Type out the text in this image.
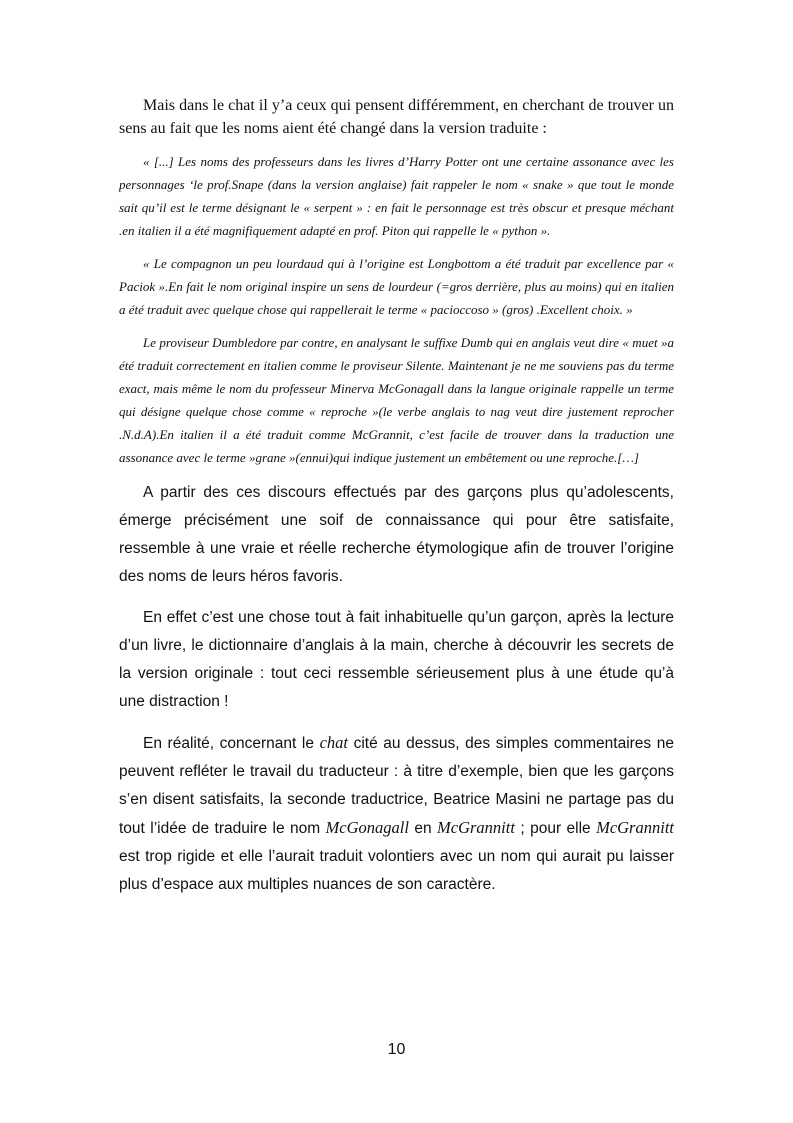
Mais dans le chat il y’a ceux qui pensent différemment, en cherchant de trouver un sens au fait que les noms aient été changé dans la version traduite :

« [...] Les noms des professeurs dans les livres d’Harry Potter ont une certaine assonance avec les personnages ‘le prof.Snape (dans la version anglaise) fait rappeler le nom « snake » que tout le monde sait qu’il est le terme désignant le « serpent » : en fait le personnage est très obscur et presque méchant .en italien il a été magnifiquement adapté en prof. Piton qui rappelle le « python ».

« Le compagnon un peu lourdaud qui à l’origine est Longbottom a été traduit par excellence par « Paciok ».En fait le nom original inspire un sens de lourdeur (=gros derrière, plus au moins) qui en italien a été traduit avec quelque chose qui rappellerait le terme « pacioccoso » (gros) .Excellent choix. »

Le proviseur Dumbledore par contre, en analysant le suffixe Dumb qui en anglais veut dire « muet »a été traduit correctement en italien comme le proviseur Silente. Maintenant je ne me souviens pas du terme exact, mais même le nom du professeur Minerva McGonagall dans la langue originale rappelle un terme qui désigne quelque chose comme « reproche »(le verbe anglais to nag veut dire justement reprocher .N.d.A).En italien il a été traduit comme McGrannit, c’est facile de trouver dans la traduction une assonance avec le terme »grane »(ennui)qui indique justement un embêtement ou une reproche.[…]

A partir des ces discours effectués par des garçons plus qu’adolescents, émerge précisément une soif de connaissance qui pour être satisfaite, ressemble à une vraie et réelle recherche étymologique afin de trouver l’origine des noms de leurs héros favoris.

En effet c’est une chose tout à fait inhabituelle qu’un garçon, après la lecture d’un livre, le dictionnaire d’anglais à la main, cherche à découvrir les secrets de la version originale : tout ceci ressemble sérieusement plus à une étude qu’à une distraction !

En réalité, concernant le chat cité au dessus, des simples commentaires ne peuvent refléter le travail du traducteur : à titre d’exemple, bien que les garçons s’en disent satisfaits, la seconde traductrice, Beatrice Masini ne partage pas du tout l’idée de traduire le nom McGonagall en McGrannitt ; pour elle McGrannitt est trop rigide et elle l’aurait traduit volontiers avec un nom qui aurait pu laisser plus d’espace aux multiples nuances de son caractère.

10
